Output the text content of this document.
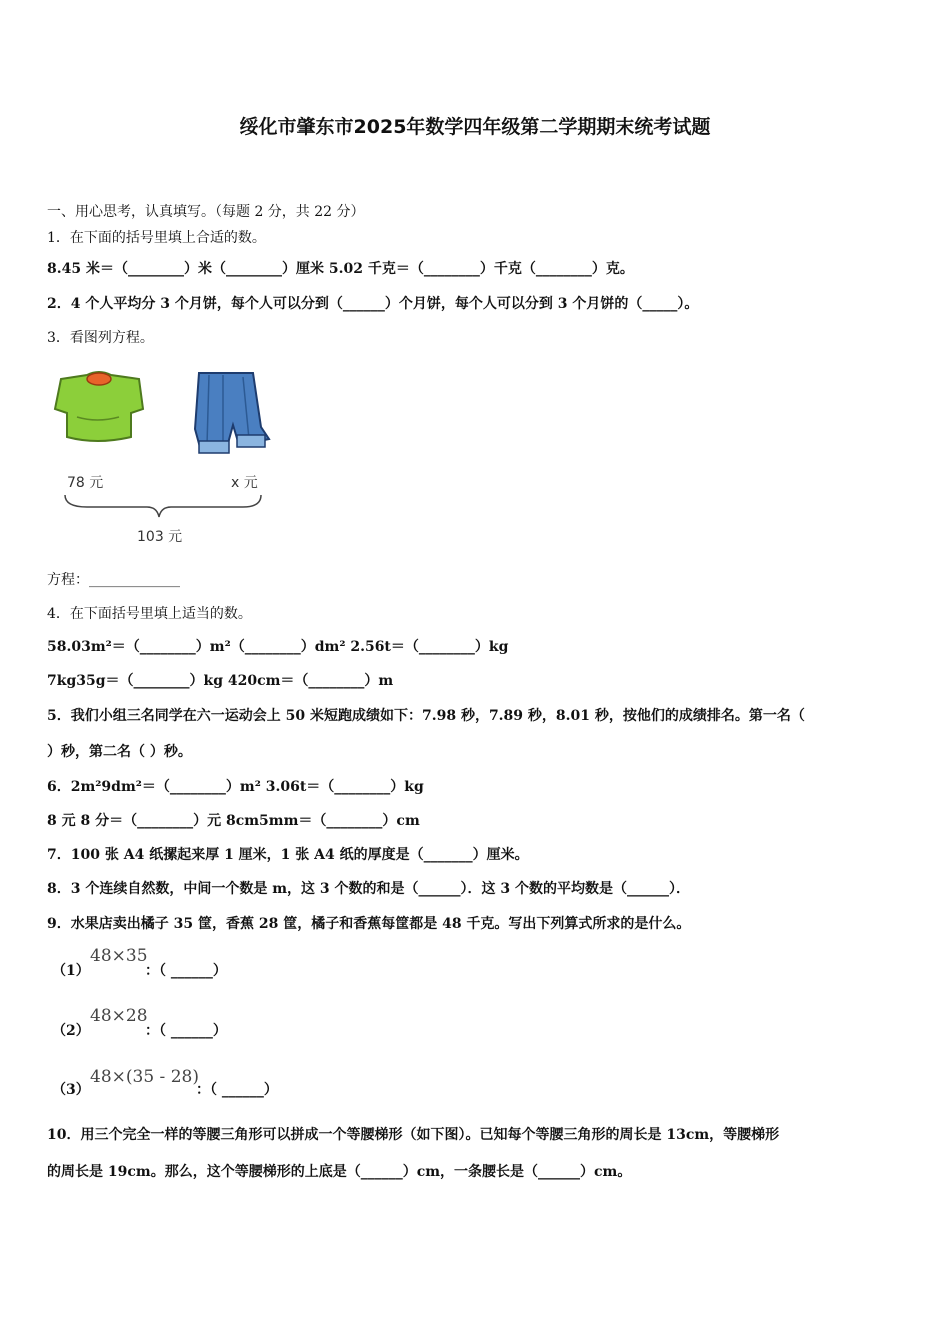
绥化市肇东市2025年数学四年级第二学期期末统考试题
一、用心思考，认真填写。（每题 2 分，共 22 分）
1．在下面的括号里填上合适的数。
8.45 米＝（________）米（________）厘米 5.02 千克＝（________）千克（________）克。
2．4 个人平均分 3 个月饼，每个人可以分到（______）个月饼，每个人可以分到 3 个月饼的（_____）。
3．看图列方程。
78 元	x 元
103 元
方程：_____________
4．在下面括号里填上适当的数。
58.03m²＝（________）m²（________）dm² 2.56t＝（________）kg
7kg35g＝（________）kg 420cm＝（________）m
5．我们小组三名同学在六一运动会上 50 米短跑成绩如下：7.98 秒，7.89 秒，8.01 秒，按他们的成绩排名。第一名（
）秒，第二名（ ）秒。
6．2m²9dm²＝（________）m² 3.06t＝（________）kg
8 元 8 分＝（________）元 8cm5mm＝（________）cm
7．100 张 A4 纸摞起来厚 1 厘米，1 张 A4 纸的厚度是（_______）厘米。
8．3 个连续自然数，中间一个数是 m，这 3 个数的和是（______）．这 3 个数的平均数是（______）．
9．水果店卖出橘子 35 筐，香蕉 28 筐，橘子和香蕉每筐都是 48 千克。写出下列算式所求的是什么。
（1）
48×35
：（ ______）
（2）
48×28
：（ ______）
（3）
48×(35 - 28)
：（ ______）
10．用三个完全一样的等腰三角形可以拼成一个等腰梯形（如下图）。已知每个等腰三角形的周长是 13cm，等腰梯形
的周长是 19cm。那么，这个等腰梯形的上底是（______）cm，一条腰长是（______）cm。
